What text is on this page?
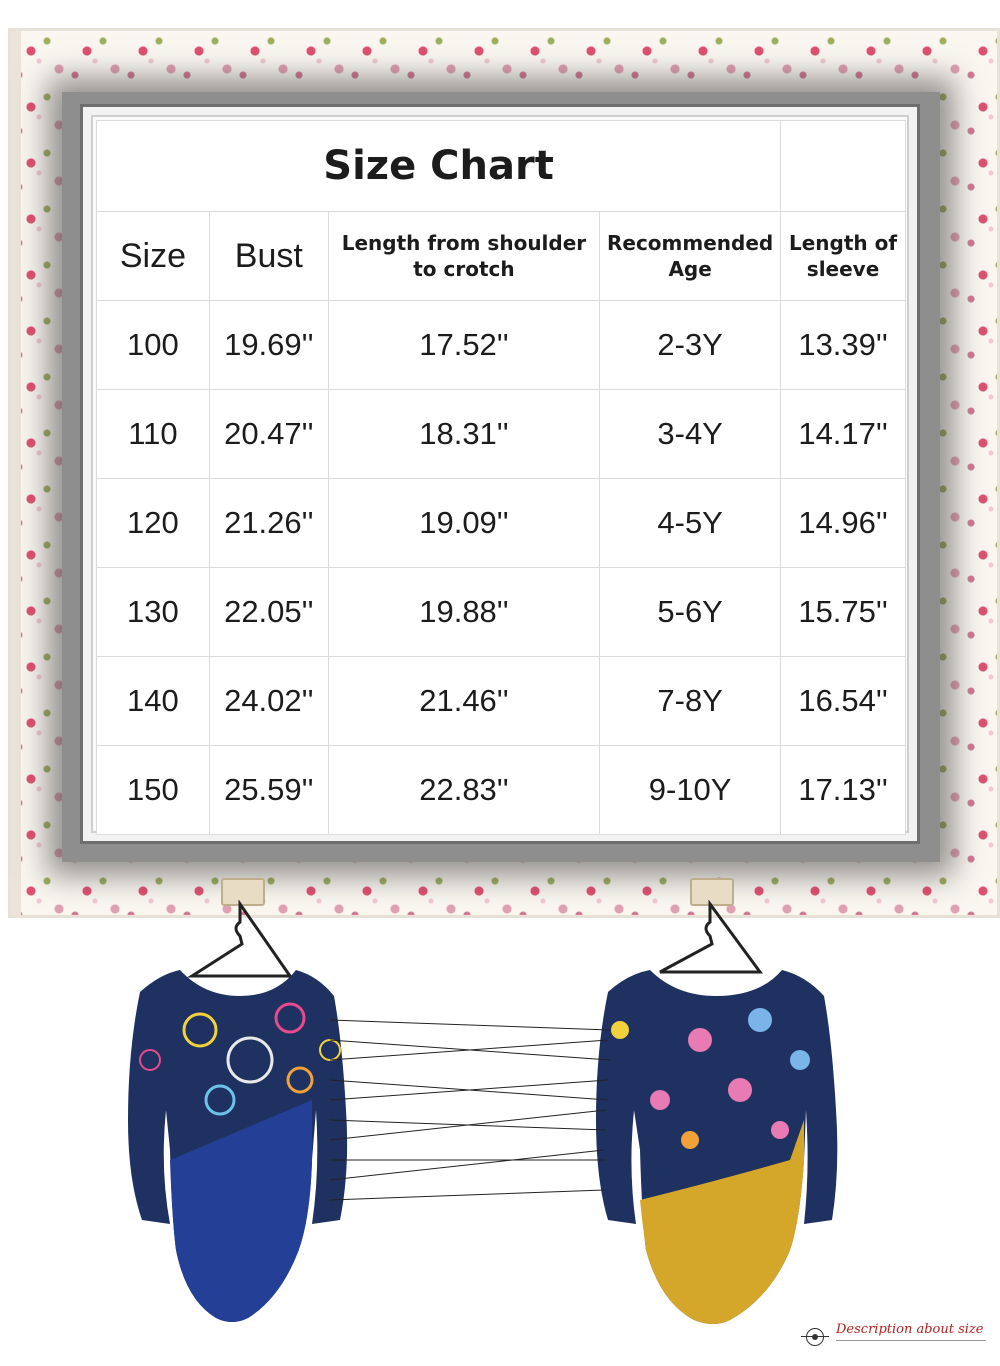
Size Chart				
Size	Bust	Length from shoulder to crotch	Recommended Age	Length of sleeve
100	19.69''	17.52''	2-3Y	13.39''
110	20.47''	18.31''	3-4Y	14.17''
120	21.26''	19.09''	4-5Y	14.96''
130	22.05''	19.88''	5-6Y	15.75''
140	24.02''	21.46''	7-8Y	16.54''
150	25.59''	22.83''	9-10Y	17.13''
Description about size
